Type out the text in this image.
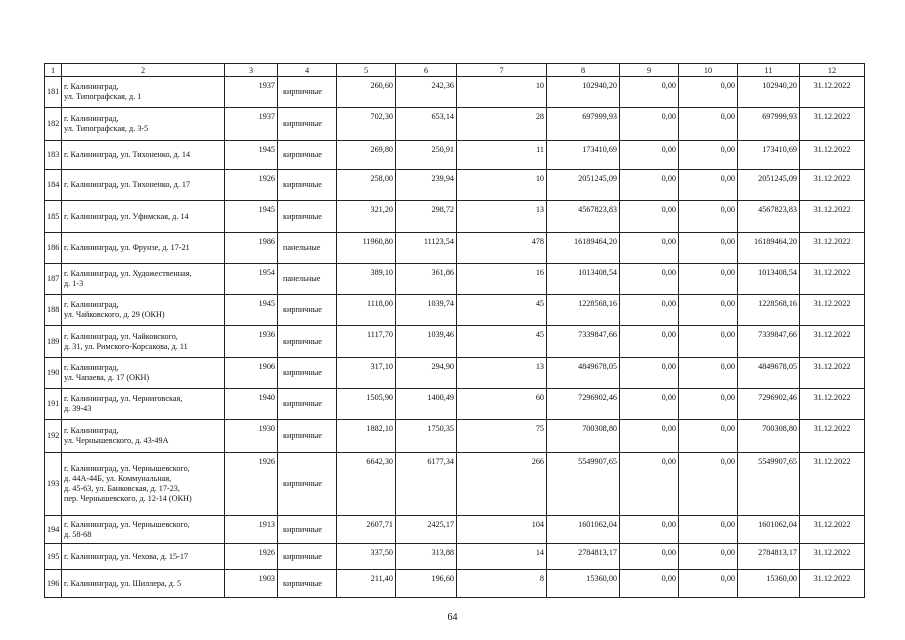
1	2	3	4	5	6	7	8	9	10	11	12
181	г. Калининград,
ул. Типографская, д. 1	1937	кирпичные	260,60	242,36	10	102940,20	0,00	0,00	102940,20	31.12.2022
182	г. Калининград,
ул. Типографская, д. 3-5	1937	кирпичные	702,30	653,14	28	697999,93	0,00	0,00	697999,93	31.12.2022
183	г. Калининград, ул. Тихоненко, д. 14	1945	кирпичные	269,80	250,91	11	173410,69	0,00	0,00	173410,69	31.12.2022
184	г. Калининград, ул. Тихоненко, д. 17	1926	кирпичные	258,00	239,94	10	2051245,09	0,00	0,00	2051245,09	31.12.2022
185	г. Калининград, ул. Уфимская, д. 14	1945	кирпичные	321,20	298,72	13	4567823,83	0,00	0,00	4567823,83	31.12.2022
186	г. Калининград, ул. Фрунзе, д. 17-21	1986	панельные	11960,80	11123,54	478	16189464,20	0,00	0,00	16189464,20	31.12.2022
187	г. Калининград, ул. Художественная,
д. 1-3	1954	панельные	389,10	361,86	16	1013408,54	0,00	0,00	1013408,54	31.12.2022
188	г. Калининград,
ул. Чайковского, д. 29 (ОКН)	1945	кирпичные	1118,00	1039,74	45	1228568,16	0,00	0,00	1228568,16	31.12.2022
189	г. Калининград, ул. Чайковского,
д. 31, ул. Римского-Корсакова, д. 11	1936	кирпичные	1117,70	1039,46	45	7339847,66	0,00	0,00	7339847,66	31.12.2022
190	г. Калининград,
ул. Чапаева, д. 17 (ОКН)	1906	кирпичные	317,10	294,90	13	4849678,05	0,00	0,00	4849678,05	31.12.2022
191	г. Калининград, ул. Черниговская,
д. 39-43	1940	кирпичные	1505,90	1400,49	60	7296902,46	0,00	0,00	7296902,46	31.12.2022
192	г. Калининград,
ул. Чернышевского, д. 43-49А	1930	кирпичные	1882,10	1750,35	75	700308,80	0,00	0,00	700308,80	31.12.2022
193	г. Калининград, ул. Чернышевского,
д. 44А-44Б, ул. Коммунальная,
д. 45-63, ул. Банковская, д. 17-23,
пер. Чернышевского, д. 12-14 (ОКН)	1926	кирпичные	6642,30	6177,34	266	5549907,65	0,00	0,00	5549907,65	31.12.2022
194	г. Калининград, ул. Чернышевского,
д. 58-68	1913	кирпичные	2607,71	2425,17	104	1601062,04	0,00	0,00	1601062,04	31.12.2022
195	г. Калининград, ул. Чехова, д. 15-17	1926	кирпичные	337,50	313,88	14	2784813,17	0,00	0,00	2784813,17	31.12.2022
196	г. Калининград, ул. Шиллера, д. 5	1903	кирпичные	211,40	196,60	8	15360,00	0,00	0,00	15360,00	31.12.2022
64
